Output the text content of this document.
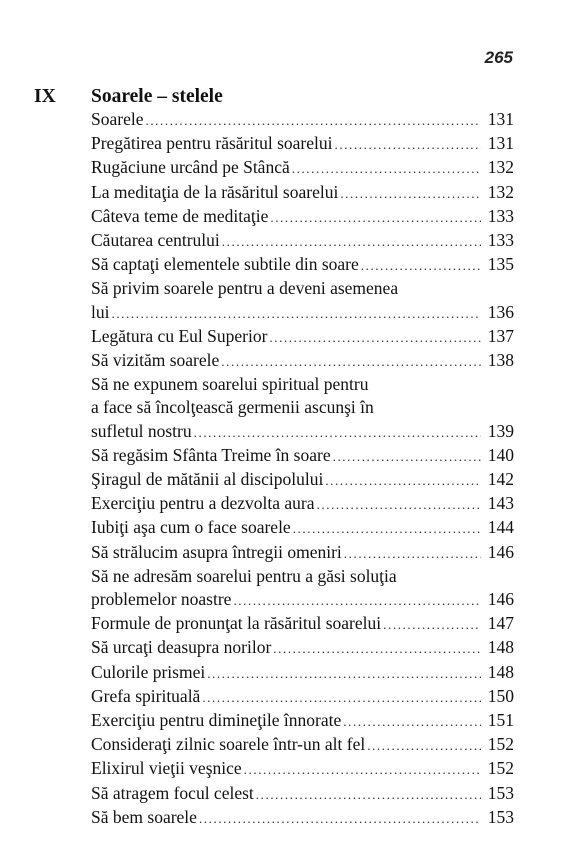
265
IX Soarele – stelele
Soarele .....	131
Pregătirea pentru răsăritul soarelui .....	131
Rugăciune urcând pe Stâncă .....	132
La meditaţia de la răsăritul soarelui .....	132
Câteva teme de meditaţie .....	133
Căutarea centrului .....	133
Să captaţi elementele subtile din soare .....	135
Să privim soarele pentru a deveni asemenea
lui .....	136
Legătura cu Eul Superior .....	137
Să vizităm soarele .....	138
Să ne expunem soarelui spiritual pentru
a face să încolţească germenii ascunşi în
sufletul nostru .....	139
Să regăsim Sfânta Treime în soare .....	140
Şiragul de mătănii al discipolului .....	142
Exerciţiu pentru a dezvolta aura .....	143
Iubiţi aşa cum o face soarele .....	144
Să strălucim asupra întregii omeniri .....	146
Să ne adresăm soarelui pentru a găsi soluţia
problemelor noastre .....	146
Formule de pronunţat la răsăritul soarelui .....	147
Să urcaţi deasupra norilor .....	148
Culorile prismei .....	148
Grefa spirituală .....	150
Exerciţiu pentru dimineţile înnorate .....	151
Consideraţi zilnic soarele într-un alt fel .....	152
Elixirul vieţii veşnice .....	152
Să atragem focul celest .....	153
Să bem soarele .....	153
